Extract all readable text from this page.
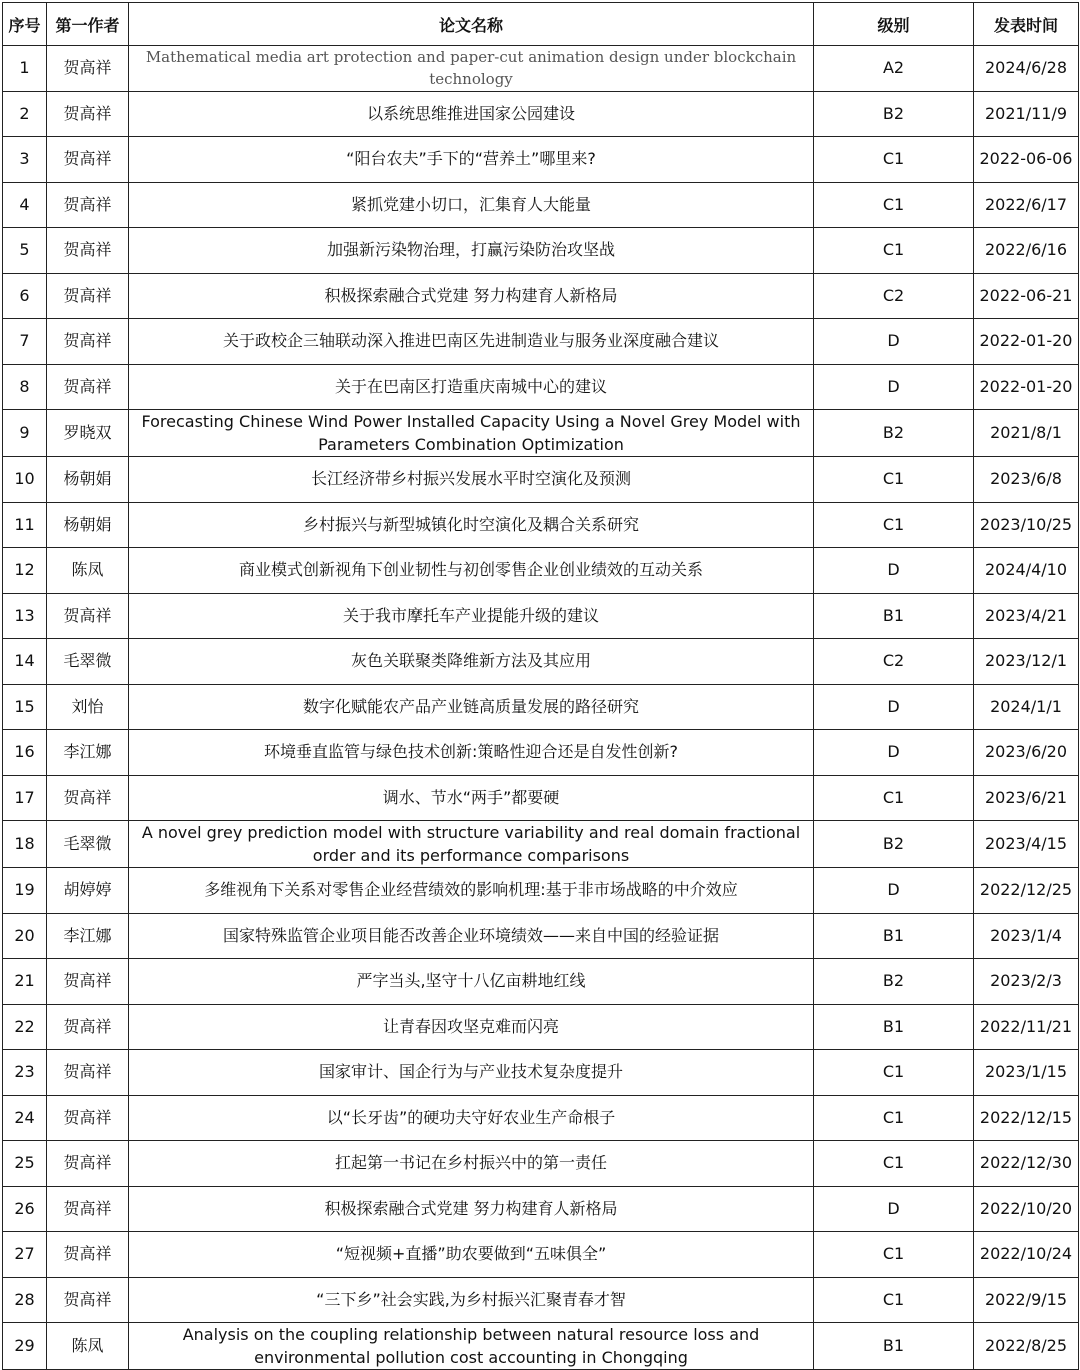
序号	第一作者	论文名称	级别	发表时间
1	贺高祥	Mathematical media art protection and paper-cut animation design under blockchain technology	A2	2024/6/28
2	贺高祥	以系统思维推进国家公园建设	B2	2021/11/9
3	贺高祥	“阳台农夫”手下的“营养土”哪里来?	C1	2022-06-06
4	贺高祥	紧抓党建小切口，汇集育人大能量	C1	2022/6/17
5	贺高祥	加强新污染物治理，打赢污染防治攻坚战	C1	2022/6/16
6	贺高祥	积极探索融合式党建 努力构建育人新格局	C2	2022-06-21
7	贺高祥	关于政校企三轴联动深入推进巴南区先进制造业与服务业深度融合建议	D	2022-01-20
8	贺高祥	关于在巴南区打造重庆南城中心的建议	D	2022-01-20
9	罗晓双	Forecasting Chinese Wind Power Installed Capacity Using a Novel Grey Model with Parameters Combination Optimization	B2	2021/8/1
10	杨朝娟	长江经济带乡村振兴发展水平时空演化及预测	C1	2023/6/8
11	杨朝娟	乡村振兴与新型城镇化时空演化及耦合关系研究	C1	2023/10/25
12	陈凤	商业模式创新视角下创业韧性与初创零售企业创业绩效的互动关系	D	2024/4/10
13	贺高祥	关于我市摩托车产业提能升级的建议	B1	2023/4/21
14	毛翠微	灰色关联聚类降维新方法及其应用	C2	2023/12/1
15	刘怡	数字化赋能农产品产业链高质量发展的路径研究	D	2024/1/1
16	李江娜	环境垂直监管与绿色技术创新:策略性迎合还是自发性创新?	D	2023/6/20
17	贺高祥	调水、节水“两手”都要硬	C1	2023/6/21
18	毛翠微	A novel grey prediction model with structure variability and real domain fractional order and its performance comparisons	B2	2023/4/15
19	胡婷婷	多维视角下关系对零售企业经营绩效的影响机理:基于非市场战略的中介效应	D	2022/12/25
20	李江娜	国家特殊监管企业项目能否改善企业环境绩效——来自中国的经验证据	B1	2023/1/4
21	贺高祥	严字当头,坚守十八亿亩耕地红线	B2	2023/2/3
22	贺高祥	让青春因攻坚克难而闪亮	B1	2022/11/21
23	贺高祥	国家审计、国企行为与产业技术复杂度提升	C1	2023/1/15
24	贺高祥	以“长牙齿”的硬功夫守好农业生产命根子	C1	2022/12/15
25	贺高祥	扛起第一书记在乡村振兴中的第一责任	C1	2022/12/30
26	贺高祥	积极探索融合式党建 努力构建育人新格局	D	2022/10/20
27	贺高祥	“短视频+直播”助农要做到“五味俱全”	C1	2022/10/24
28	贺高祥	“三下乡”社会实践,为乡村振兴汇聚青春才智	C1	2022/9/15
29	陈凤	Analysis on the coupling relationship between natural resource loss and environmental pollution cost accounting in Chongqing	B1	2022/8/25
